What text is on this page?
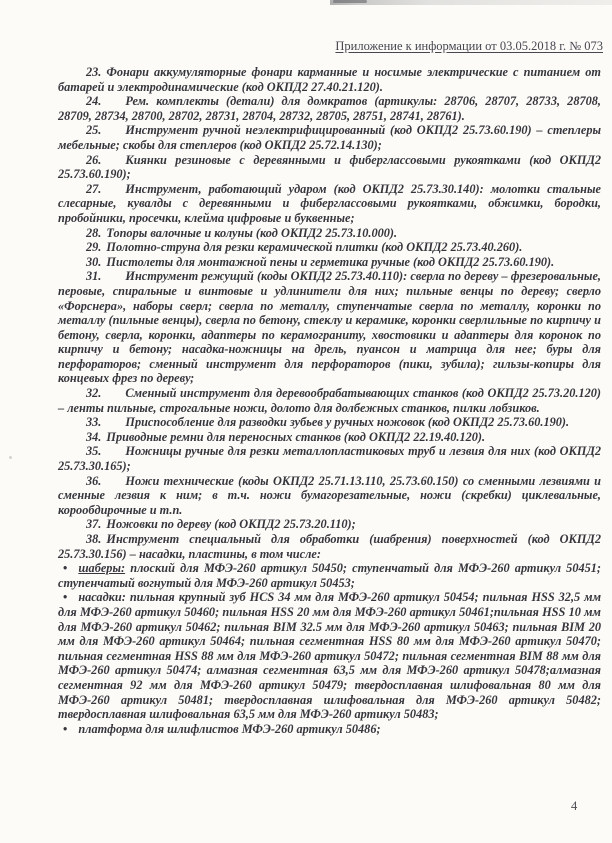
Приложение к информации от 03.05.2018 г. № 073

23. Фонари аккумуляторные фонари карманные и носимые электрические с питанием от батарей и электродинамические (код ОКПД2 27.40.21.120).

24. Рем. комплекты (детали) для домкратов (артикулы: 28706, 28707, 28733, 28708, 28709, 28734, 28700, 28702, 28731, 28704, 28732, 28705, 28751, 28741, 28761).

25. Инструмент ручной неэлектрифицированный (код ОКПД2 25.73.60.190) – степлеры мебельные; скобы для степлеров (код ОКПД2 25.72.14.130);

26. Киянки резиновые с деревянными и фиберглассовыми рукоятками (код ОКПД2 25.73.60.190);

27. Инструмент, работающий ударом (код ОКПД2 25.73.30.140): молотки стальные слесарные, кувалды с деревянными и фиберглассовыми рукоятками, обжимки, бородки, пробойники, просечки, клейма цифровые и буквенные;

28. Топоры валочные и колуны (код ОКПД2 25.73.10.000).

29. Полотно-струна для резки керамической плитки (код ОКПД2 25.73.40.260).

30. Пистолеты для монтажной пены и герметика ручные (код ОКПД2 25.73.60.190).

31. Инструмент режущий (коды ОКПД2 25.73.40.110): сверла по дереву – фрезеровальные, перовые, спиральные и винтовые и удлинители для них; пильные венцы по дереву; сверло «Форснера», наборы сверл; сверла по металлу, ступенчатые сверла по металлу, коронки по металлу (пильные венцы), сверла по бетону, стеклу и керамике, коронки сверлильные по кирпичу и бетону, сверла, коронки, адаптеры по керамограниту, хвостовики и адаптеры для коронок по кирпичу и бетону; насадка-ножницы на дрель, пуансон и матрица для нее; буры для перфораторов; сменный инструмент для перфораторов (пики, зубила); гильзы-копиры для концевых фрез по дереву;

32. Сменный инструмент для деревообрабатывающих станков (код ОКПД2 25.73.20.120) – ленты пильные, строгальные ножи, долото для долбежных станков, пилки лобзиков.

33. Приспособление для разводки зубьев у ручных ножовок (код ОКПД2 25.73.60.190).

34. Приводные ремни для переносных станков (код ОКПД2 22.19.40.120).

35. Ножницы ручные для резки металлопластиковых труб и лезвия для них (код ОКПД2 25.73.30.165);

36. Ножи технические (коды ОКПД2 25.71.13.110, 25.73.60.150) со сменными лезвиями и сменные лезвия к ним; в т.ч. ножи бумагорезательные, ножи (скребки) циклевальные, корообдирочные и т.п.

37. Ножовки по дереву (код ОКПД2 25.73.20.110);

38. Инструмент специальный для обработки (шабрения) поверхностей (код ОКПД2 25.73.30.156) – насадки, пластины, в том числе:

• шаберы: плоский для МФЭ-260 артикул 50450; ступенчатый для МФЭ-260 артикул 50451; ступенчатый вогнутый для МФЭ-260 артикул 50453;

• насадки: пильная крупный зуб HCS 34 мм для МФЭ-260 артикул 50454; пильная HSS 32,5 мм для МФЭ-260 артикул 50460; пильная HSS 20 мм для МФЭ-260 артикул 50461;пильная HSS 10 мм для МФЭ-260 артикул 50462; пильная BIM 32.5 мм для МФЭ-260 артикул 50463; пильная BIM 20 мм для МФЭ-260 артикул 50464; пильная сегментная HSS 80 мм для МФЭ-260 артикул 50470; пильная сегментная HSS 88 мм для МФЭ-260 артикул 50472; пильная сегментная BIM 88 мм для МФЭ-260 артикул 50474; алмазная сегментная 63,5 мм для МФЭ-260 артикул 50478;алмазная сегментная 92 мм для МФЭ-260 артикул 50479; твердосплавная шлифовальная 80 мм для МФЭ-260 артикул 50481; твердосплавная шлифовальная для МФЭ-260 артикул 50482; твердосплавная шлифовальная 63,5 мм для МФЭ-260 артикул 50483;

• платформа для шлифлистов МФЭ-260 артикул 50486;

4
